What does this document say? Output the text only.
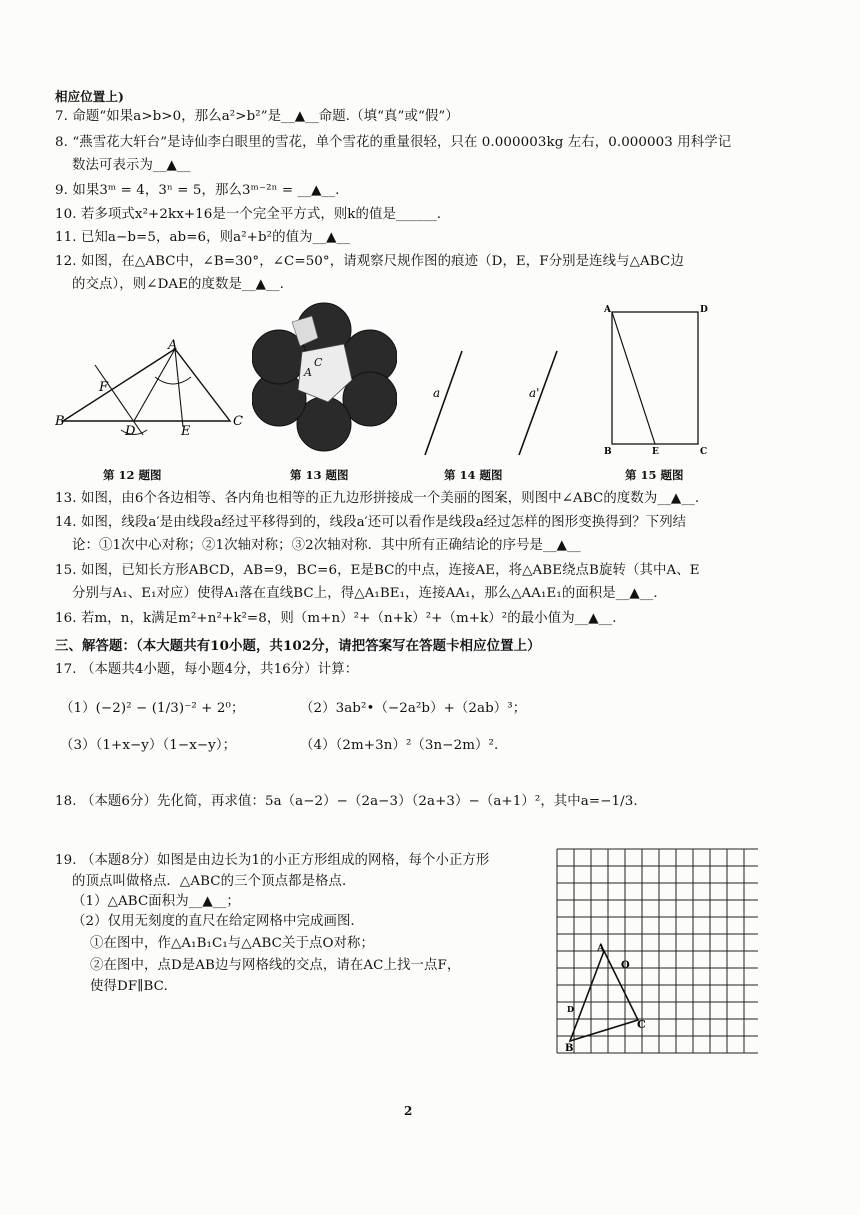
相应位置上)
7. 命题“如果a>b>0，那么a²>b²”是__▲__命题.（填“真”或“假”）
8. “燕雪花大轩台”是诗仙李白眼里的雪花，单个雪花的重量很轻，只在 0.000003kg 左右，0.000003 用科学记
数法可表示为__▲__
9. 如果3ᵐ = 4，3ⁿ = 5，那么3ᵐ⁻²ⁿ = __▲__.
10. 若多项式x²+2kx+16是一个完全平方式，则k的值是______.
11. 已知a−b=5，ab=6，则a²+b²的值为__▲__
12. 如图，在△ABC中，∠B=30°，∠C=50°，请观察尺规作图的痕迹（D，E，F分别是连线与△ABC边
的交点），则∠DAE的度数是__▲__.
A
B	C
D	E
F
第 12 题图
A
C
第 13 题图
a	a'
第 14 题图
A	D
B	E	C
第 15 题图
13. 如图，由6个各边相等、各内角也相等的正九边形拼接成一个美丽的图案，则图中∠ABC的度数为__▲__.
14. 如图，线段a′是由线段a经过平移得到的，线段a′还可以看作是线段a经过怎样的图形变换得到？下列结
论：①1次中心对称；②1次轴对称；③2次轴对称．其中所有正确结论的序号是__▲__
15. 如图，已知长方形ABCD，AB=9，BC=6，E是BC的中点，连接AE，将△ABE绕点B旋转（其中A、E
分别与A₁、E₁对应）使得A₁落在直线BC上，得△A₁BE₁，连接AA₁，那么△AA₁E₁的面积是__▲__.
16. 若m，n，k满足m²+n²+k²=8，则（m+n）²+（n+k）²+（m+k）²的最小值为__▲__.
三、解答题：（本大题共有10小题，共102分，请把答案写在答题卡相应位置上）
17. （本题共4小题，每小题4分，共16分）计算：
（1）(−2)² − (1/3)⁻² + 2⁰；	（2）3ab²•（−2a²b）+（2ab）³；
（3）（1+x−y）（1−x−y）；	（4）（2m+3n）²（3n−2m）².
18. （本题6分）先化简，再求值：5a（a−2）−（2a−3）（2a+3）−（a+1）²，其中a=−1/3.
19. （本题8分）如图是由边长为1的小正方形组成的网格，每个小正方形
的顶点叫做格点．△ABC的三个顶点都是格点．
（1）△ABC面积为__▲__；
（2）仅用无刻度的直尺在给定网格中完成画图.
①在图中，作△A₁B₁C₁与△ABC关于点O对称；
②在图中，点D是AB边与网格线的交点，请在AC上找一点F，
使得DF∥BC.
A
O
D
C
B
2
